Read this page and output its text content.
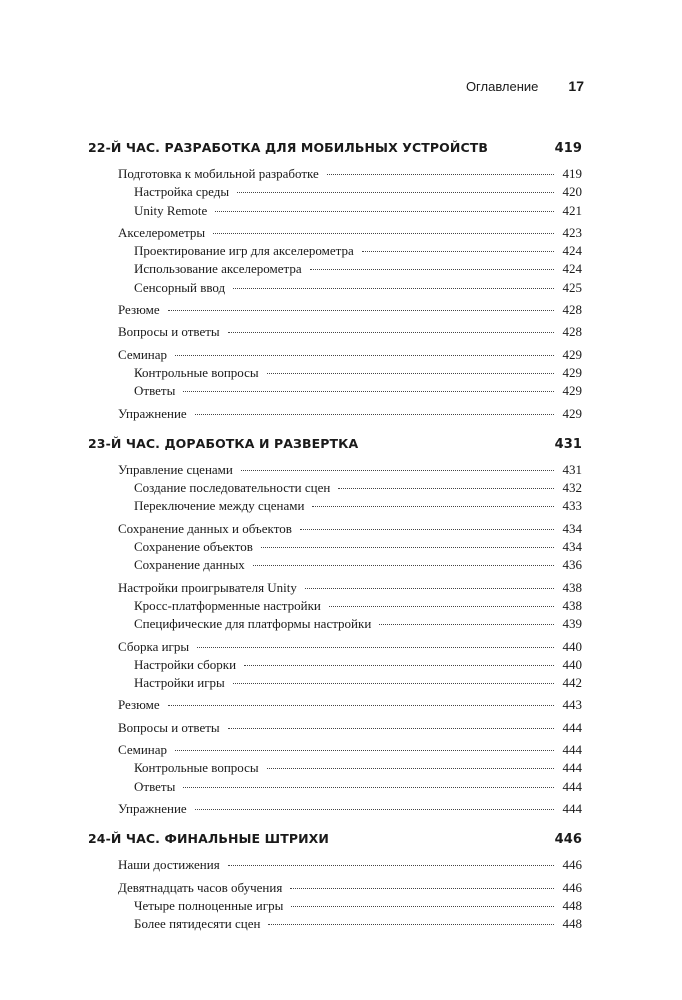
Оглавление 17
22-Й ЧАС. РАЗРАБОТКА ДЛЯ МОБИЛЬНЫХ УСТРОЙСТВ	419
Подготовка к мобильной разработке	419
Настройка среды	420
Unity Remote	421
Акселерометры	423
Проектирование игр для акселерометра	424
Использование акселерометра	424
Сенсорный ввод	425
Резюме	428
Вопросы и ответы	428
Семинар	429
Контрольные вопросы	429
Ответы	429
Упражнение	429
23-Й ЧАС. ДОРАБОТКА И РАЗВЕРТКА	431
Управление сценами	431
Создание последовательности сцен	432
Переключение между сценами	433
Сохранение данных и объектов	434
Сохранение объектов	434
Сохранение данных	436
Настройки проигрывателя Unity	438
Кросс-платформенные настройки	438
Специфические для платформы настройки	439
Сборка игры	440
Настройки сборки	440
Настройки игры	442
Резюме	443
Вопросы и ответы	444
Семинар	444
Контрольные вопросы	444
Ответы	444
Упражнение	444
24-Й ЧАС. ФИНАЛЬНЫЕ ШТРИХИ	446
Наши достижения	446
Девятнадцать часов обучения	446
Четыре полноценные игры	448
Более пятидесяти сцен	448
